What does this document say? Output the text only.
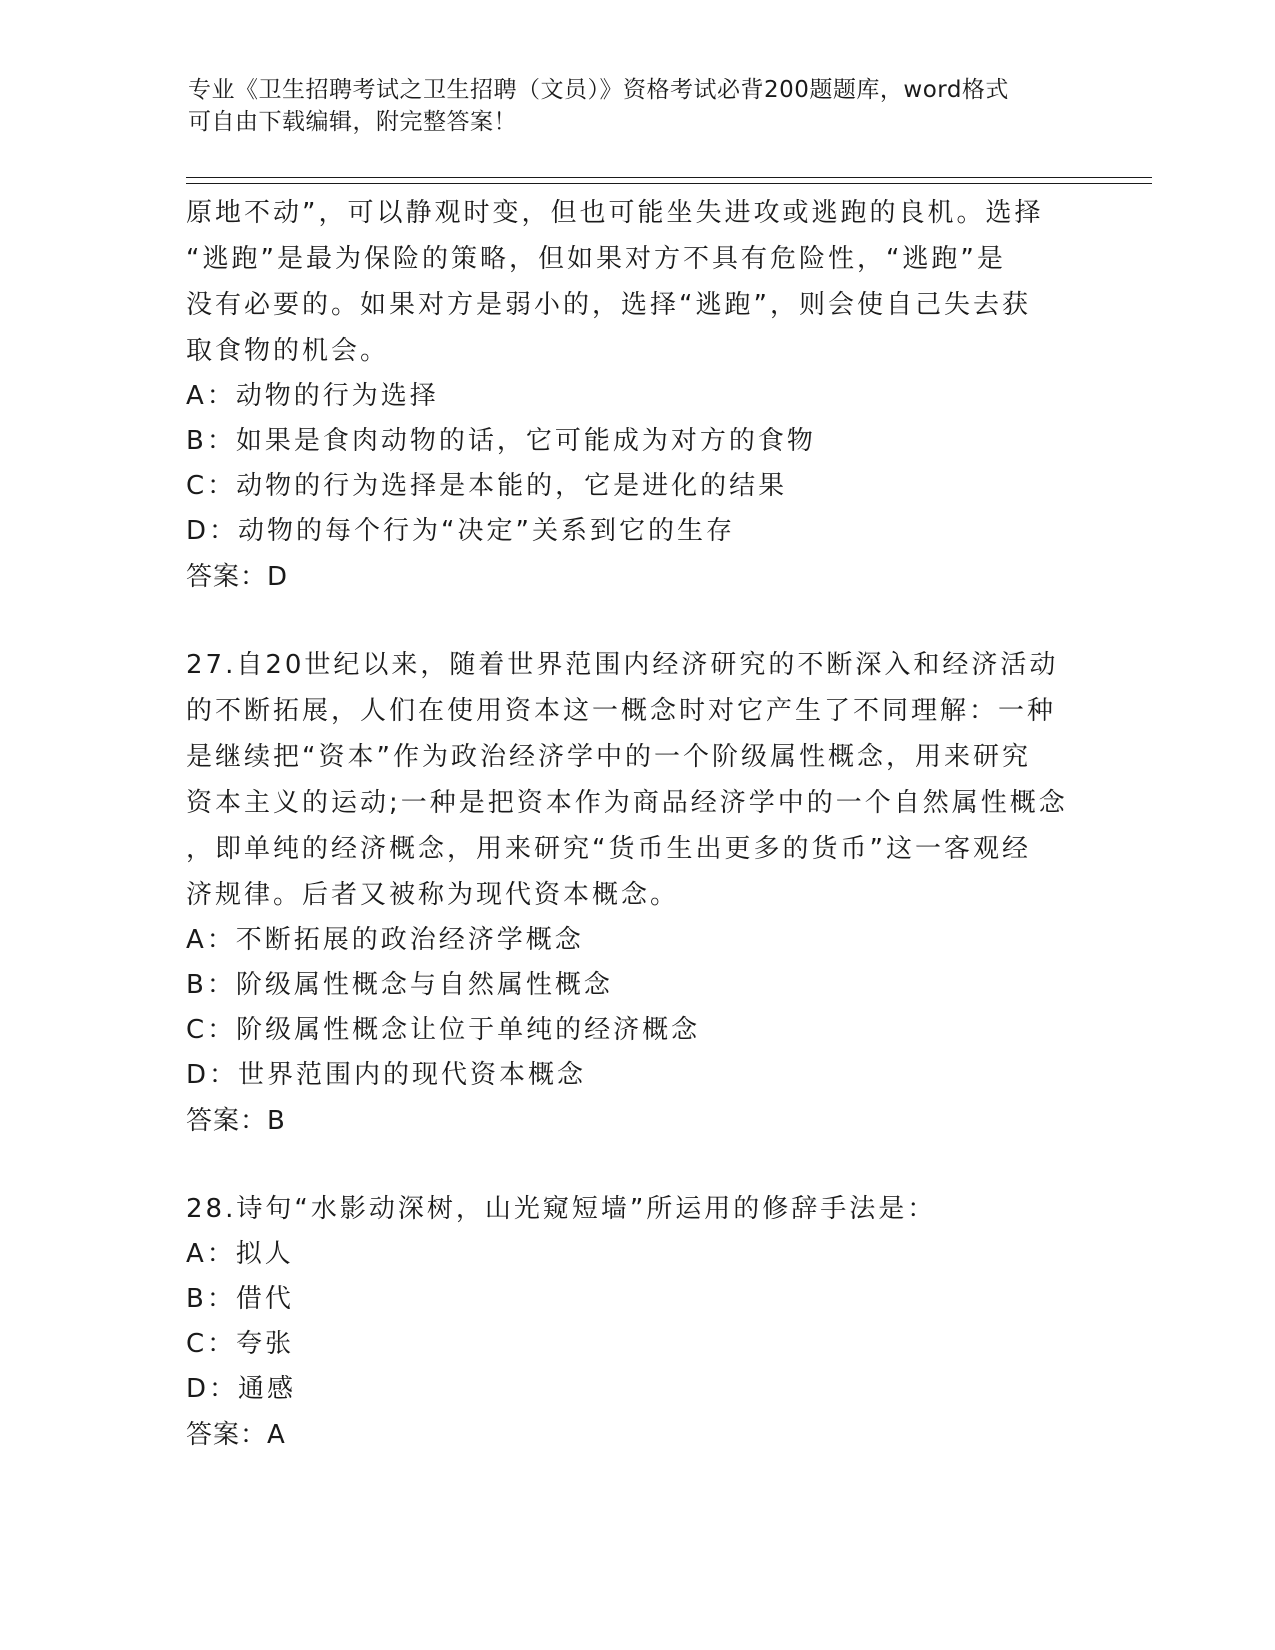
专业《卫生招聘考试之卫生招聘（文员）》资格考试必背200题题库，word格式
可自由下载编辑，附完整答案！
原地不动”，可以静观时变，但也可能坐失进攻或逃跑的良机。选择
“逃跑”是最为保险的策略，但如果对方不具有危险性，“逃跑”是
没有必要的。如果对方是弱小的，选择“逃跑”，则会使自己失去获
取食物的机会。
A：动物的行为选择
B：如果是食肉动物的话，它可能成为对方的食物
C：动物的行为选择是本能的，它是进化的结果
D：动物的每个行为“决定”关系到它的生存
答案：D
27.自20世纪以来，随着世界范围内经济研究的不断深入和经济活动
的不断拓展，人们在使用资本这一概念时对它产生了不同理解：一种
是继续把“资本”作为政治经济学中的一个阶级属性概念，用来研究
资本主义的运动;一种是把资本作为商品经济学中的一个自然属性概念
，即单纯的经济概念，用来研究“货币生出更多的货币”这一客观经
济规律。后者又被称为现代资本概念。
A：不断拓展的政治经济学概念
B：阶级属性概念与自然属性概念
C：阶级属性概念让位于单纯的经济概念
D：世界范围内的现代资本概念
答案：B
28.诗句“水影动深树，山光窥短墙”所运用的修辞手法是：
A：拟人
B：借代
C：夸张
D：通感
答案：A
